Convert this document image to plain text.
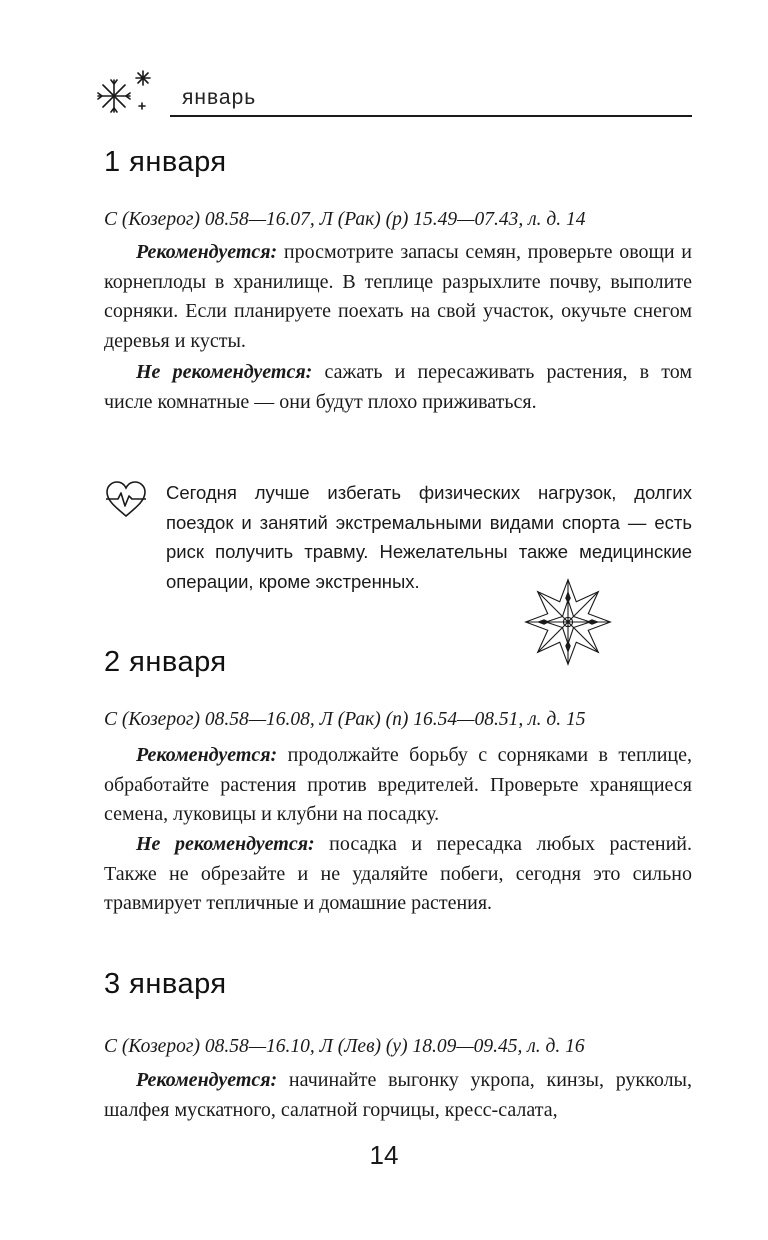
январь
1 января
С (Козерог) 08.58—16.07, Л (Рак) (р) 15.49—07.43, л. д. 14

Рекомендуется: просмотрите запасы семян, проверьте овощи и корнеплоды в хранилище. В теплице разрыхлите почву, выполите сорняки. Если планируете поехать на свой участок, окучьте снегом деревья и кусты.

Не рекомендуется: сажать и пересаживать растения, в том числе комнатные — они будут плохо приживаться.

Сегодня лучше избегать физических нагрузок, долгих поездок и занятий экстремальными видами спорта — есть риск получить травму. Нежелательны также медицинские операции, кроме экстренных.
2 января
С (Козерог) 08.58—16.08, Л (Рак) (п) 16.54—08.51, л. д. 15

Рекомендуется: продолжайте борьбу с сорняками в теплице, обработайте растения против вредителей. Проверьте хранящиеся семена, луковицы и клубни на посадку.

Не рекомендуется: посадка и пересадка любых растений. Также не обрезайте и не удаляйте побеги, сегодня это сильно травмирует тепличные и домашние растения.

3 января
С (Козерог) 08.58—16.10, Л (Лев) (у) 18.09—09.45, л. д. 16

Рекомендуется: начинайте выгонку укропа, кинзы, рукколы, шалфея мускатного, салатной горчицы, кресс-салата,

14
